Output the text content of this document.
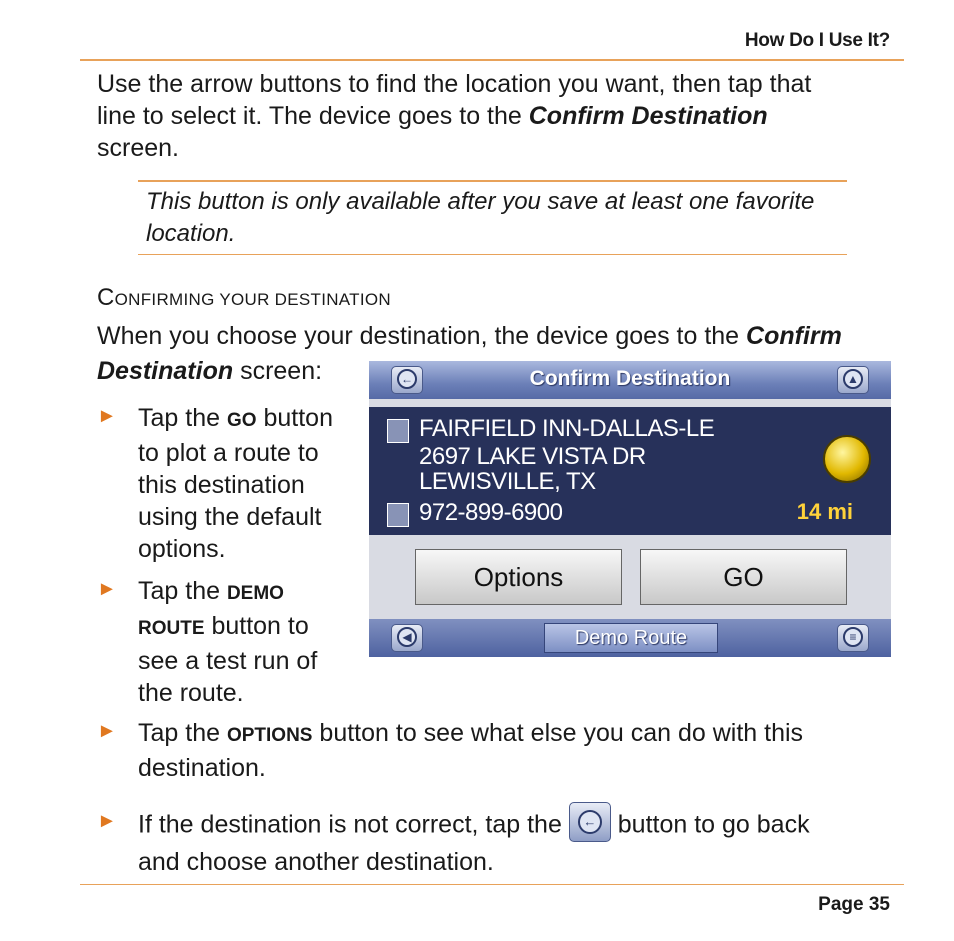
How Do I Use It?
Use the arrow buttons to find the location you want, then tap that
line to select it. The device goes to the Confirm Destination
screen.
This button is only available after you save at least one favorite location.
CONFIRMING YOUR DESTINATION
When you choose your destination, the device goes to the Confirm
Destination screen:
► Tap the GO button
to plot a route to
this destination
using the default
options.
► Tap the DEMO
ROUTE button to
see a test run of
the route.
←	Confirm Destination	▲
FAIRFIELD INN-DALLAS-LE
2697 LAKE VISTA DR
LEWISVILLE, TX
972-899-6900	14 mi
Options	GO
◀	Demo Route	≡
► Tap the OPTIONS button to see what else you can do with this
destination.
► If the destination is not correct, tap the	← button to go back
and choose another destination.
Page 35
